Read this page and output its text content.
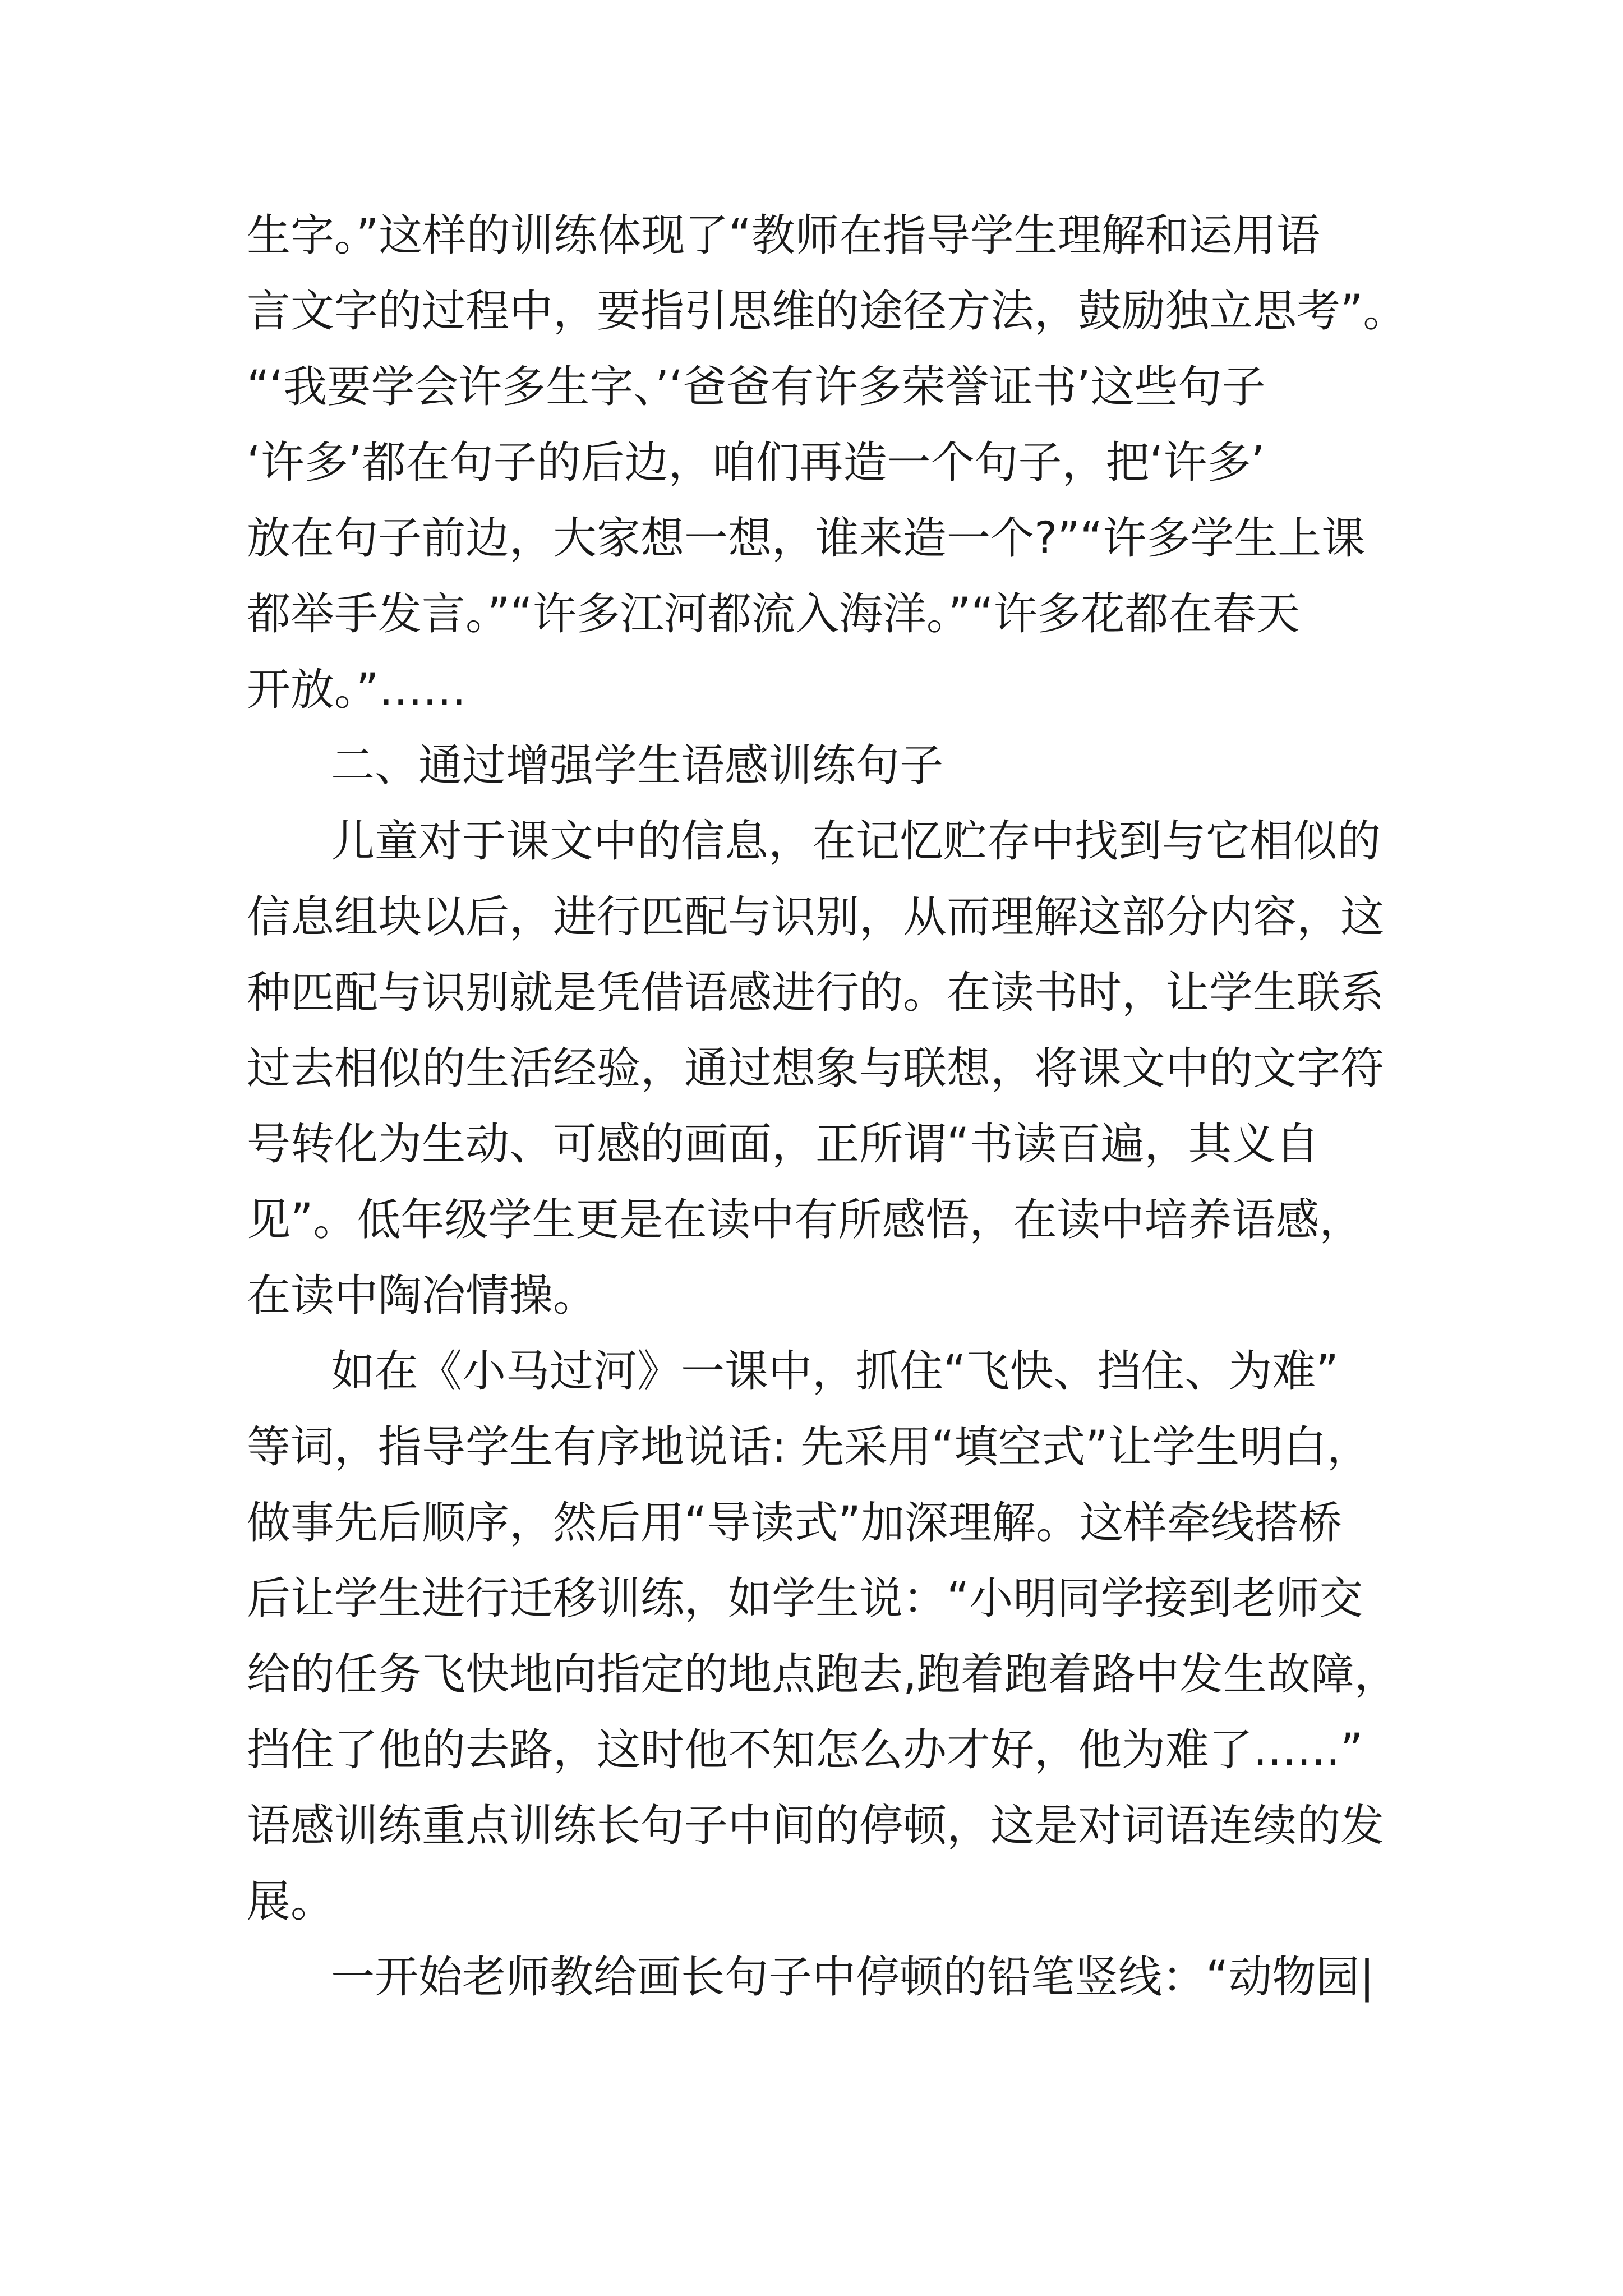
生字。”这样的训练体现了“教师在指导学生理解和运用语
言文字的过程中，要指引思维的途径方法，鼓励独立思考”。
“‘我要学会许多生字、’‘爸爸有许多荣誉证书’这些句子
‘许多’都在句子的后边，咱们再造一个句子，把‘许多’
放在句子前边，大家想一想，谁来造一个?”“许多学生上课
都举手发言。”“许多江河都流入海洋。”“许多花都在春天
开放。”……
二、通过增强学生语感训练句子
儿童对于课文中的信息，在记忆贮存中找到与它相似的
信息组块以后，进行匹配与识别，从而理解这部分内容，这
种匹配与识别就是凭借语感进行的。在读书时，让学生联系
过去相似的生活经验，通过想象与联想，将课文中的文字符
号转化为生动、可感的画面，正所谓“书读百遍，其义自
见”。低年级学生更是在读中有所感悟，在读中培养语感，
在读中陶冶情操。
如在《小马过河》一课中，抓住“飞快、挡住、为难”
等词，指导学生有序地说话: 先采用“填空式”让学生明白，
做事先后顺序，然后用“导读式”加深理解。这样牵线搭桥
后让学生进行迁移训练，如学生说：“小明同学接到老师交
给的任务飞快地向指定的地点跑去,跑着跑着路中发生故障，
挡住了他的去路，这时他不知怎么办才好，他为难了……”
语感训练重点训练长句子中间的停顿，这是对词语连续的发
展。
一开始老师教给画长句子中停顿的铅笔竖线：“动物园|
